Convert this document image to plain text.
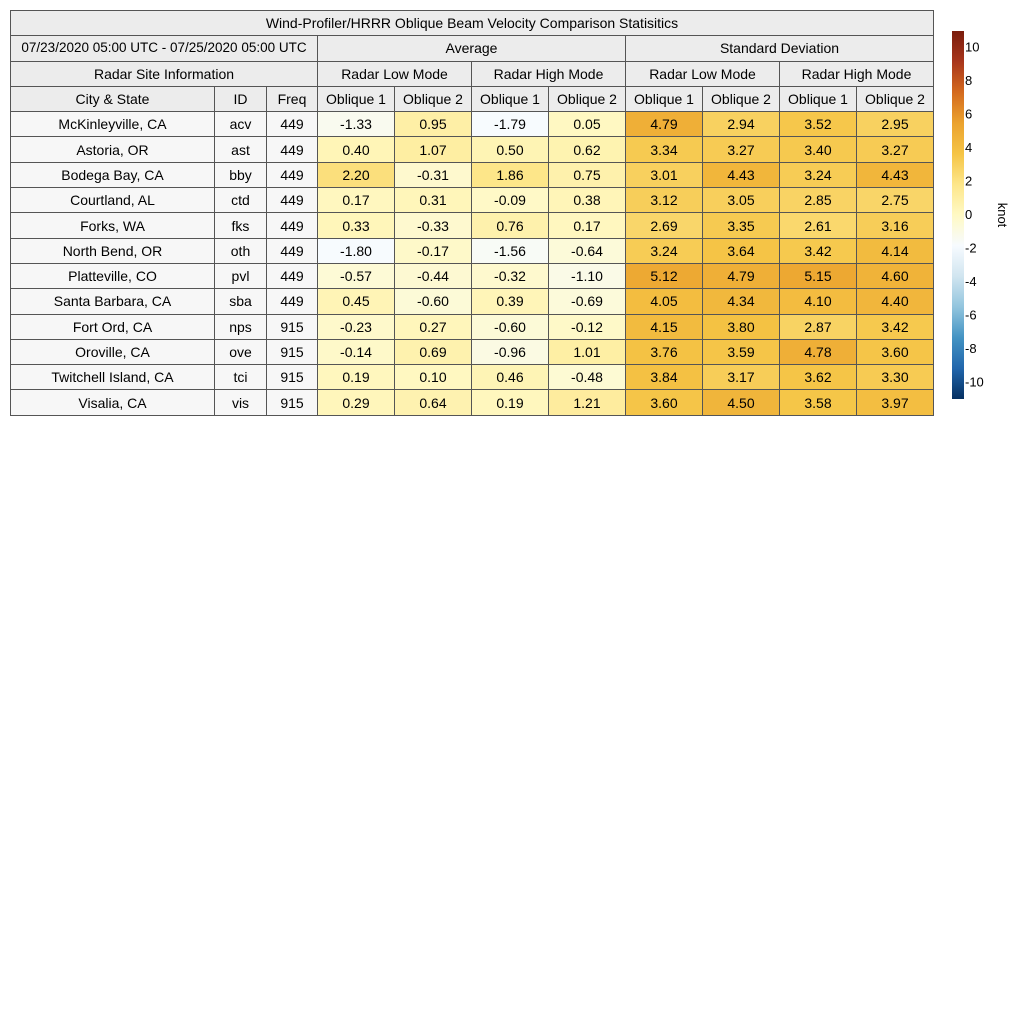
Wind-Profiler/HRRR Oblique Beam Velocity Comparison Statisitics										
07/23/2020 05:00 UTC - 07/25/2020 05:00 UTC			Average				Standard Deviation			
Radar Site Information			Radar Low Mode		Radar High Mode		Radar Low Mode		Radar High Mode	
City & State	ID	Freq	Oblique 1	Oblique 2	Oblique 1	Oblique 2	Oblique 1	Oblique 2	Oblique 1	Oblique 2
McKinleyville, CA	acv	449	-1.33	0.95	-1.79	0.05	4.79	2.94	3.52	2.95
Astoria, OR	ast	449	0.40	1.07	0.50	0.62	3.34	3.27	3.40	3.27
Bodega Bay, CA	bby	449	2.20	-0.31	1.86	0.75	3.01	4.43	3.24	4.43
Courtland, AL	ctd	449	0.17	0.31	-0.09	0.38	3.12	3.05	2.85	2.75
Forks, WA	fks	449	0.33	-0.33	0.76	0.17	2.69	3.35	2.61	3.16
North Bend, OR	oth	449	-1.80	-0.17	-1.56	-0.64	3.24	3.64	3.42	4.14
Platteville, CO	pvl	449	-0.57	-0.44	-0.32	-1.10	5.12	4.79	5.15	4.60
Santa Barbara, CA	sba	449	0.45	-0.60	0.39	-0.69	4.05	4.34	4.10	4.40
Fort Ord, CA	nps	915	-0.23	0.27	-0.60	-0.12	4.15	3.80	2.87	3.42
Oroville, CA	ove	915	-0.14	0.69	-0.96	1.01	3.76	3.59	4.78	3.60
Twitchell Island, CA	tci	915	0.19	0.10	0.46	-0.48	3.84	3.17	3.62	3.30
Visalia, CA	vis	915	0.29	0.64	0.19	1.21	3.60	4.50	3.58	3.97
10
8
6
4
2
0
-2
-4
-6
-8
-10
knot
